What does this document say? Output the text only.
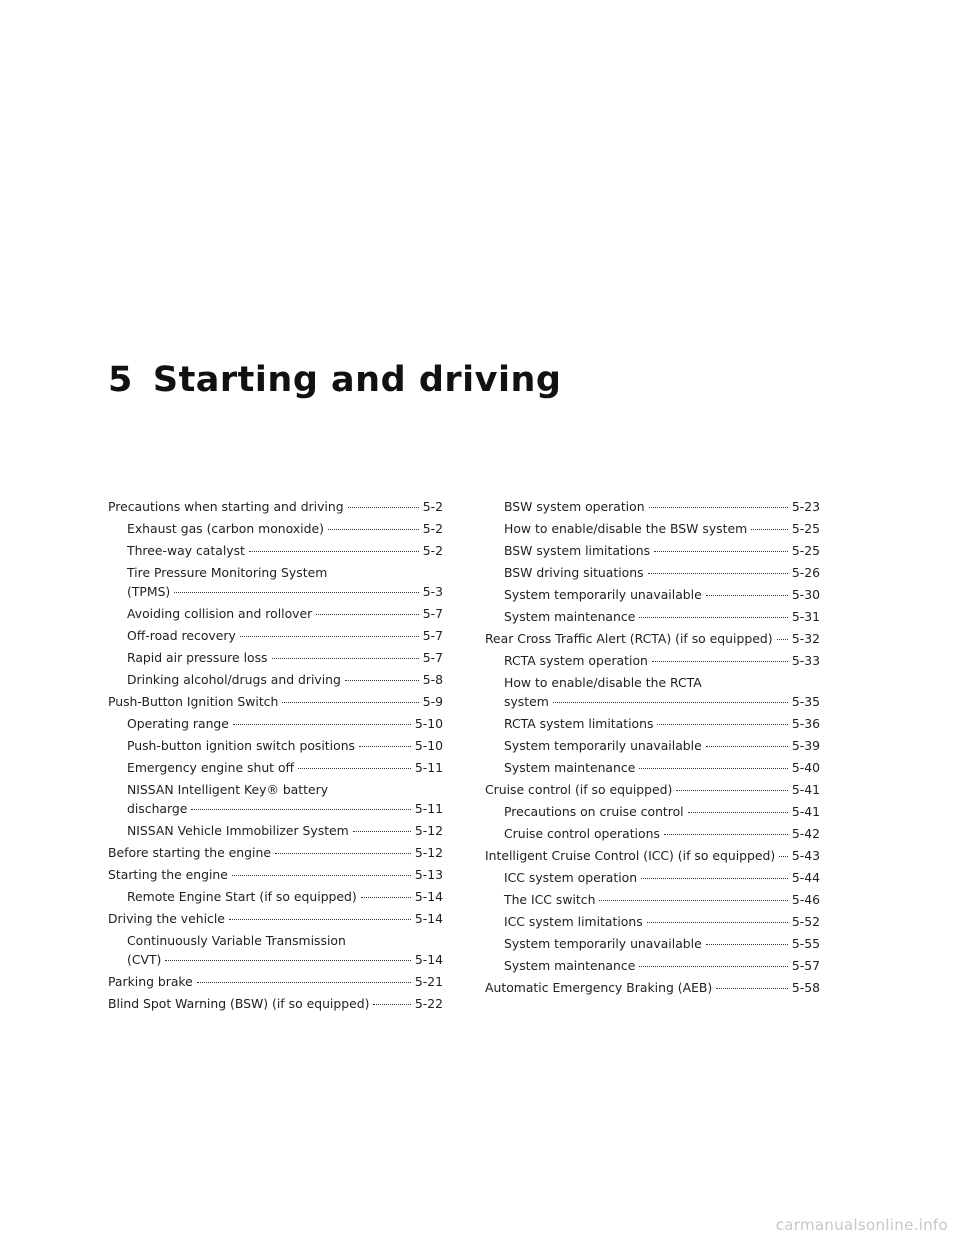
5 Starting and driving
Precautions when starting and driving	5-2
Exhaust gas (carbon monoxide)	5-2
Three-way catalyst	5-2
Tire Pressure Monitoring System
(TPMS)	5-3
Avoiding collision and rollover	5-7
Off-road recovery	5-7
Rapid air pressure loss	5-7
Drinking alcohol/drugs and driving	5-8
Push-Button Ignition Switch	5-9
Operating range	5-10
Push-button ignition switch positions	5-10
Emergency engine shut off	5-11
NISSAN Intelligent Key® battery
discharge	5-11
NISSAN Vehicle Immobilizer System	5-12
Before starting the engine	5-12
Starting the engine	5-13
Remote Engine Start (if so equipped)	5-14
Driving the vehicle	5-14
Continuously Variable Transmission
(CVT)	5-14
Parking brake	5-21
Blind Spot Warning (BSW) (if so equipped)	5-22
BSW system operation	5-23
How to enable/disable the BSW system	5-25
BSW system limitations	5-25
BSW driving situations	5-26
System temporarily unavailable	5-30
System maintenance	5-31
Rear Cross Traffic Alert (RCTA) (if so equipped) 5-32
RCTA system operation	5-33
How to enable/disable the RCTA
system	5-35
RCTA system limitations	5-36
System temporarily unavailable	5-39
System maintenance	5-40
Cruise control (if so equipped)	5-41
Precautions on cruise control	5-41
Cruise control operations	5-42
Intelligent Cruise Control (ICC) (if so equipped) 5-43
ICC system operation	5-44
The ICC switch	5-46
ICC system limitations	5-52
System temporarily unavailable	5-55
System maintenance	5-57
Automatic Emergency Braking (AEB)	5-58
carmanualsonline.info
